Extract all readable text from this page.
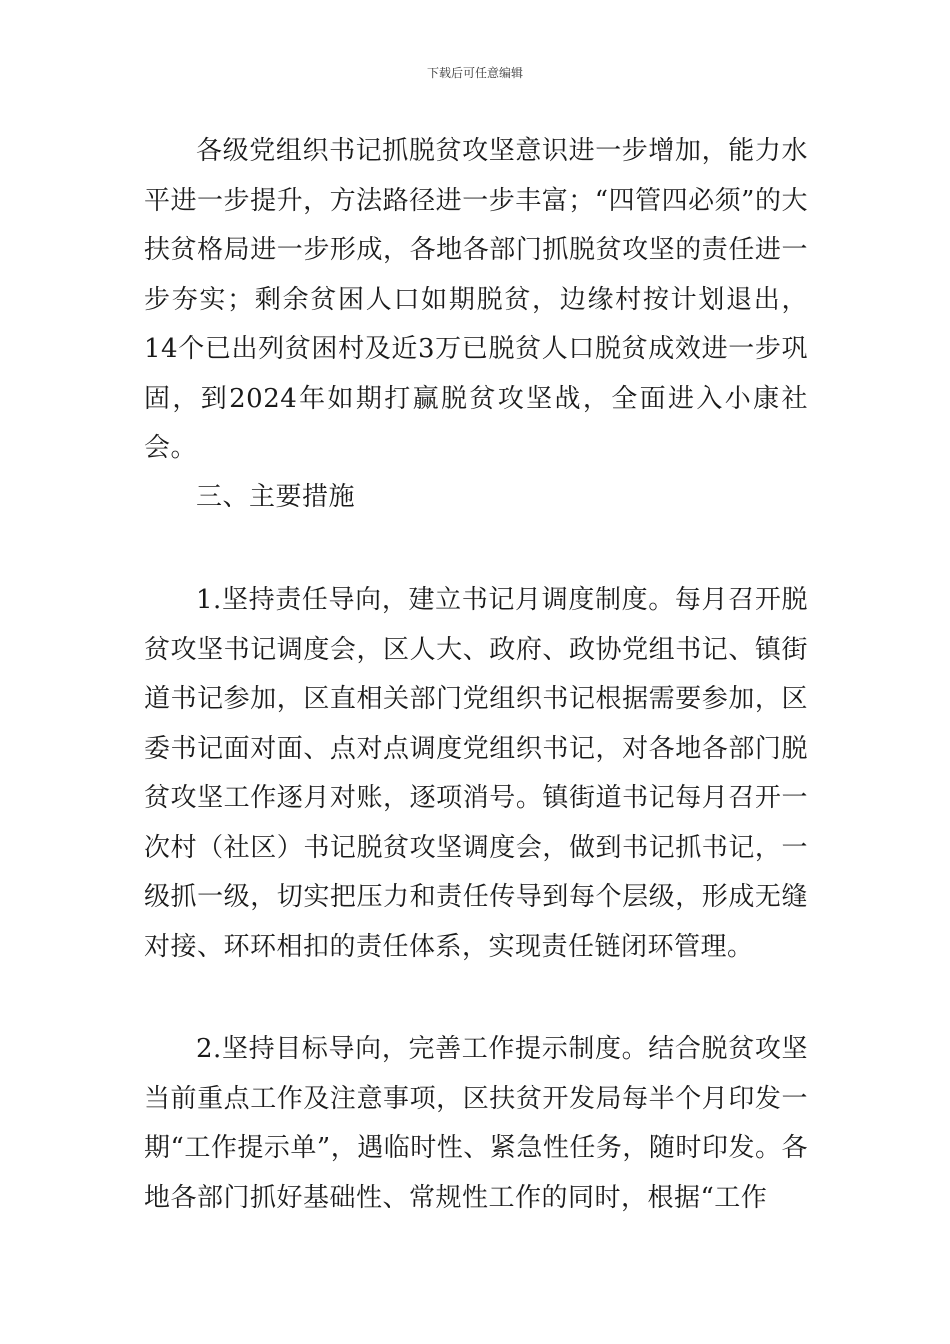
下载后可任意编辑

各级党组织书记抓脱贫攻坚意识进一步增加，能力水平进一步提升，方法路径进一步丰富；“四管四必须”的大扶贫格局进一步形成，各地各部门抓脱贫攻坚的责任进一步夯实；剩余贫困人口如期脱贫，边缘村按计划退出，14个已出列贫困村及近3万已脱贫人口脱贫成效进一步巩固，到2024年如期打赢脱贫攻坚战，全面进入小康社会。

三、主要措施

1.坚持责任导向，建立书记月调度制度。每月召开脱贫攻坚书记调度会，区人大、政府、政协党组书记、镇街道书记参加，区直相关部门党组织书记根据需要参加，区委书记面对面、点对点调度党组织书记，对各地各部门脱贫攻坚工作逐月对账，逐项消号。镇街道书记每月召开一次村（社区）书记脱贫攻坚调度会，做到书记抓书记，一级抓一级，切实把压力和责任传导到每个层级，形成无缝对接、环环相扣的责任体系，实现责任链闭环管理。

2.坚持目标导向，完善工作提示制度。结合脱贫攻坚当前重点工作及注意事项，区扶贫开发局每半个月印发一期“工作提示单”，遇临时性、紧急性任务，随时印发。各地各部门抓好基础性、常规性工作的同时，根据“工作
